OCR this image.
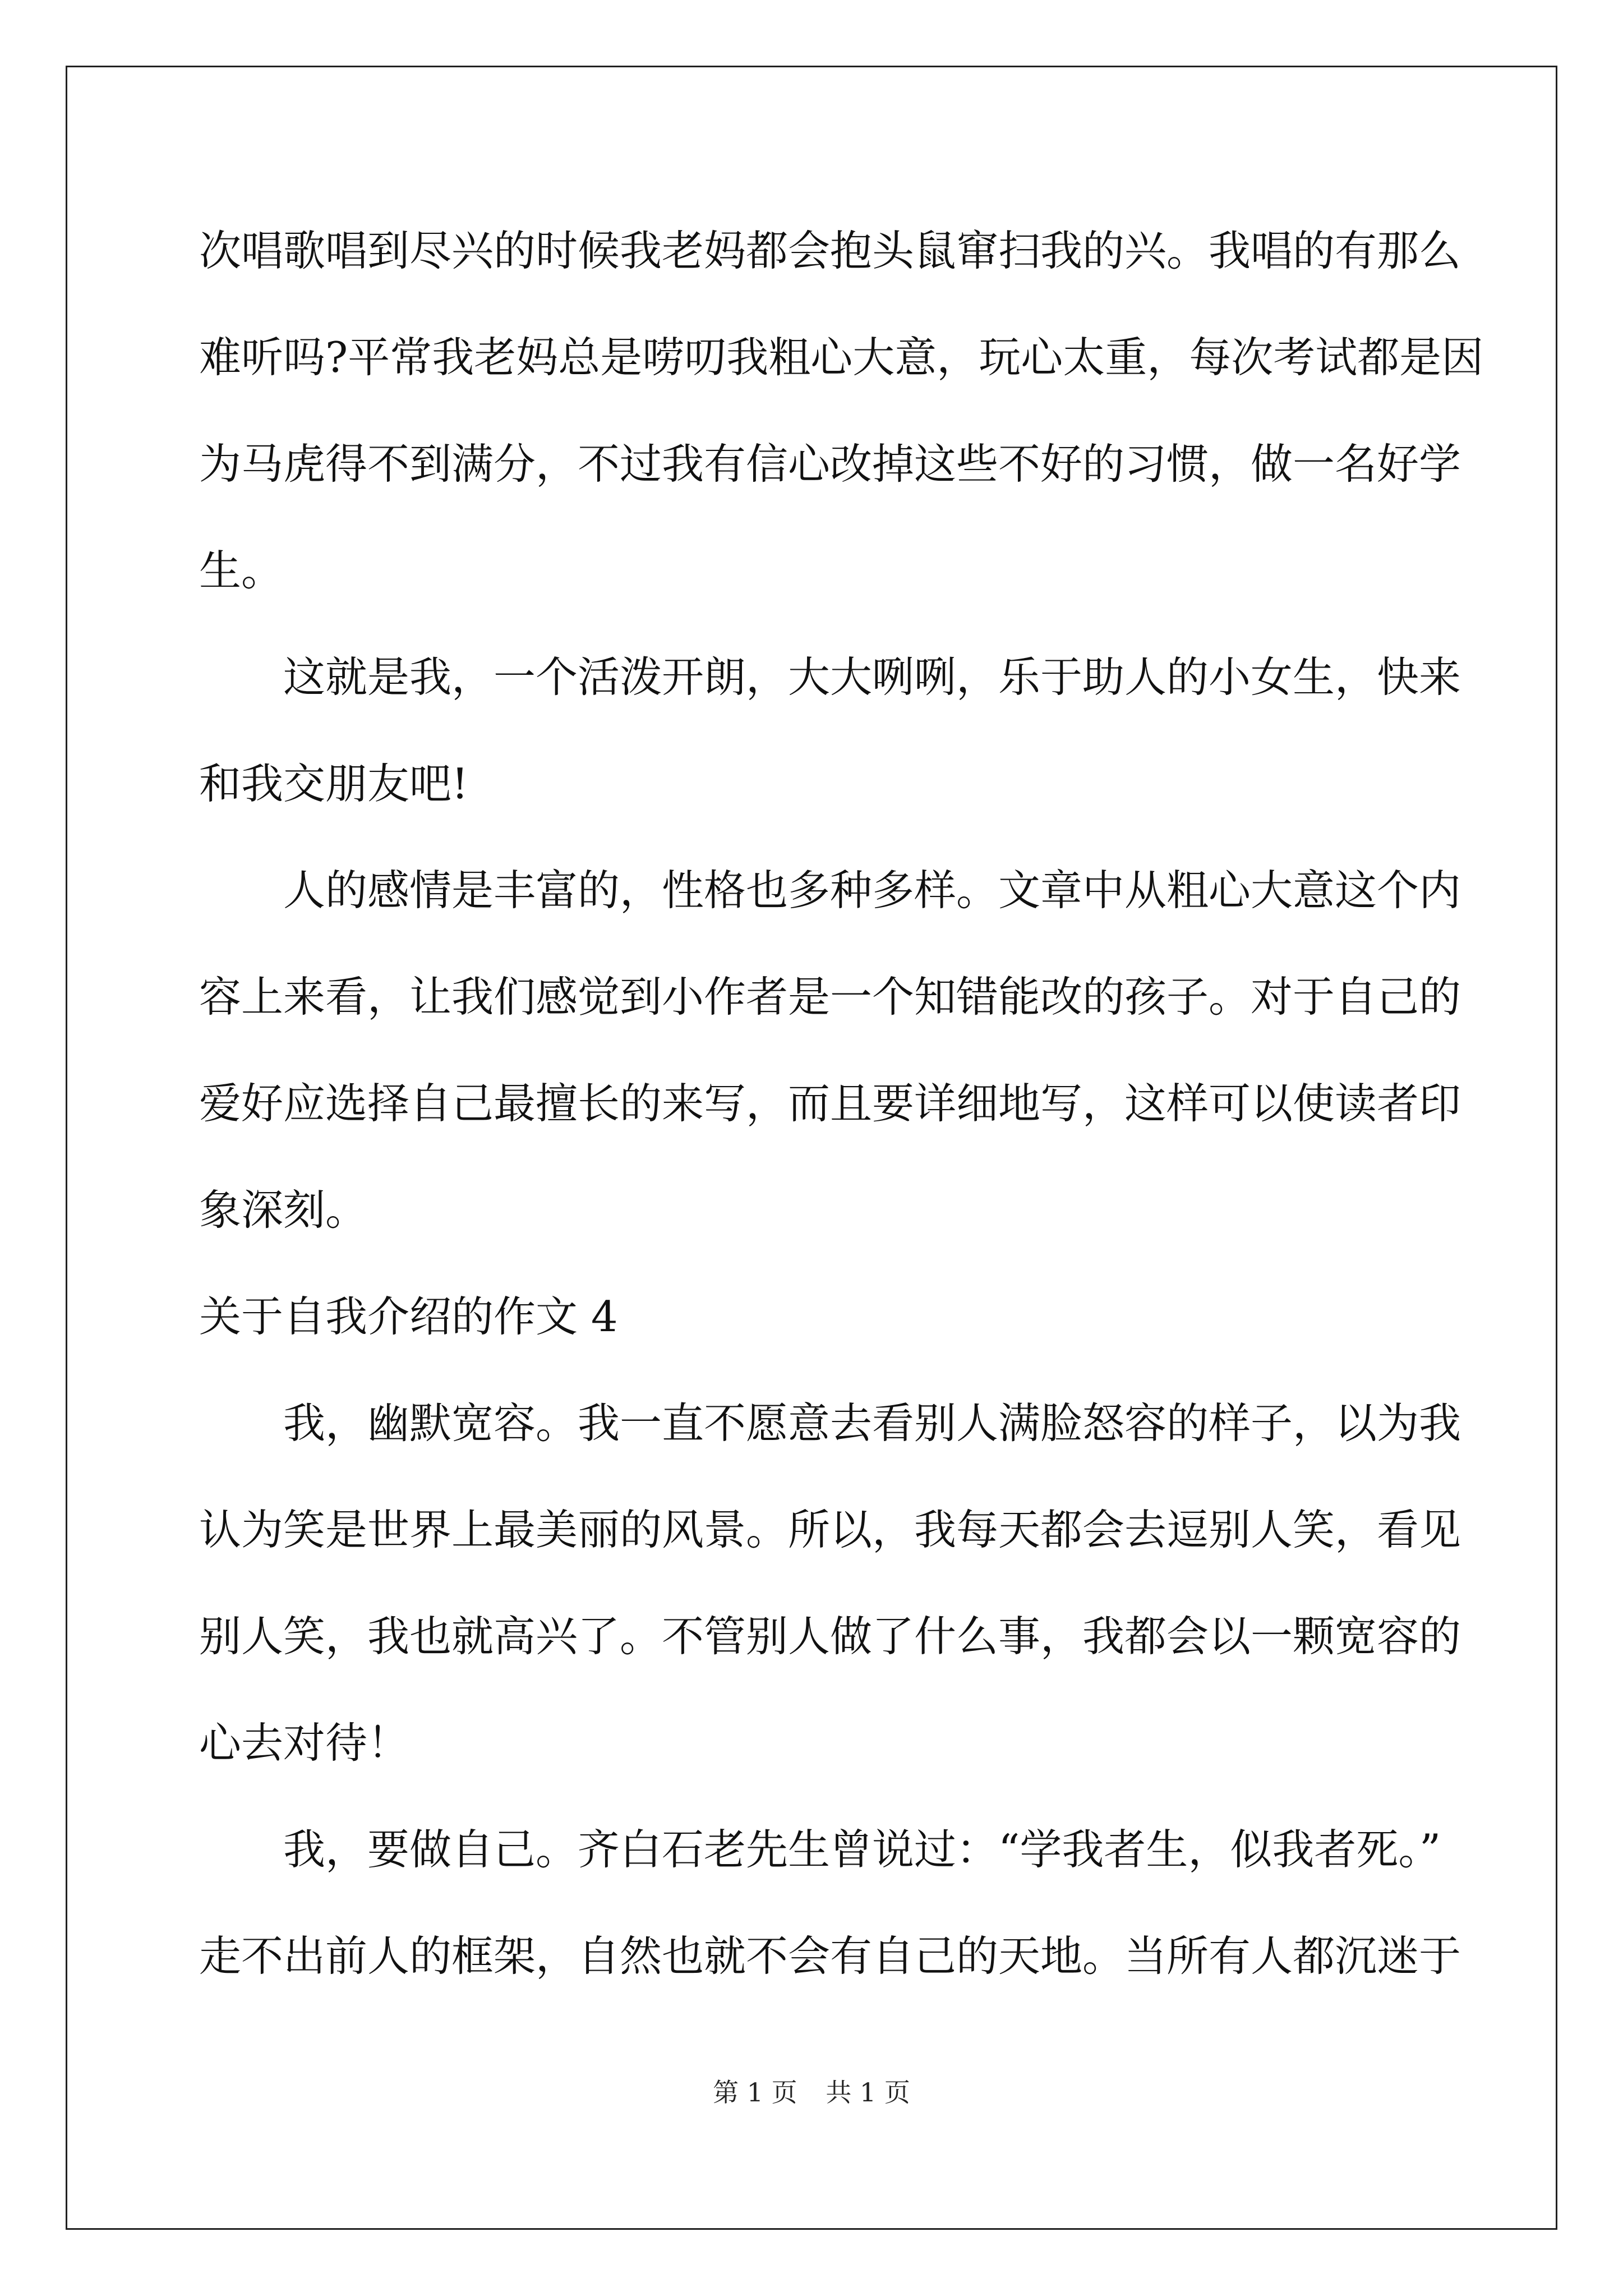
次唱歌唱到尽兴的时候我老妈都会抱头鼠窜扫我的兴。我唱的有那么
难听吗?平常我老妈总是唠叨我粗心大意，玩心太重，每次考试都是因
为马虎得不到满分，不过我有信心改掉这些不好的习惯，做一名好学
生。
这就是我，一个活泼开朗，大大咧咧，乐于助人的小女生，快来
和我交朋友吧!
人的感情是丰富的，性格也多种多样。文章中从粗心大意这个内
容上来看，让我们感觉到小作者是一个知错能改的孩子。对于自己的
爱好应选择自己最擅长的来写，而且要详细地写，这样可以使读者印
象深刻。
关于自我介绍的作文 4
我，幽默宽容。我一直不愿意去看别人满脸怒容的样子，以为我
认为笑是世界上最美丽的风景。所以，我每天都会去逗别人笑，看见
别人笑，我也就高兴了。不管别人做了什么事，我都会以一颗宽容的
心去对待！
我，要做自己。齐白石老先生曾说过：“学我者生，似我者死。”
走不出前人的框架，自然也就不会有自己的天地。当所有人都沉迷于
第 1 页 共 1 页
